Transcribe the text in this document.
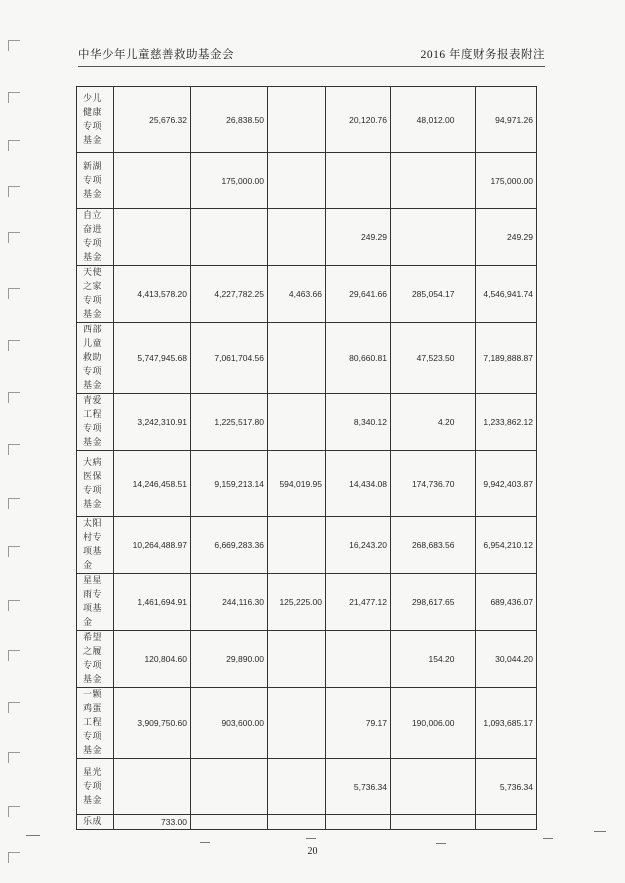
中华少年儿童慈善救助基金会	2016 年度财务报表附注
少儿健康专项基金	25,676.32	26,838.50		20,120.76	48,012.00		94,971.26
新湖专项基金		175,000.00					175,000.00
自立奋进专项基金				249.29			249.29
天使之家专项基金	4,413,578.20	4,227,782.25	4,463.66	29,641.66	285,054.17		4,546,941.74
西部儿童救助专项基金	5,747,945.68	7,061,704.56		80,660.81	47,523.50		7,189,888.87
青爱工程专项基金	3,242,310.91	1,225,517.80		8,340.12	4.20		1,233,862.12
大病医保专项基金	14,246,458.51	9,159,213.14	594,019.95	14,434.08	174,736.70		9,942,403.87
太阳村专项基金	10,264,488.97	6,669,283.36		16,243.20	268,683.56		6,954,210.12
星星雨专项基金	1,461,694.91	244,116.30	125,225.00	21,477.12	298,617.65		689,436.07
希望之履专项基金	120,804.60	29,890.00			154.20		30,044.20
一颗鸡蛋工程专项基金	3,909,750.60	903,600.00		79.17	190,006.00		1,093,685.17
星光专项基金				5,736.34			5,736.34
乐成	733.00						
20
